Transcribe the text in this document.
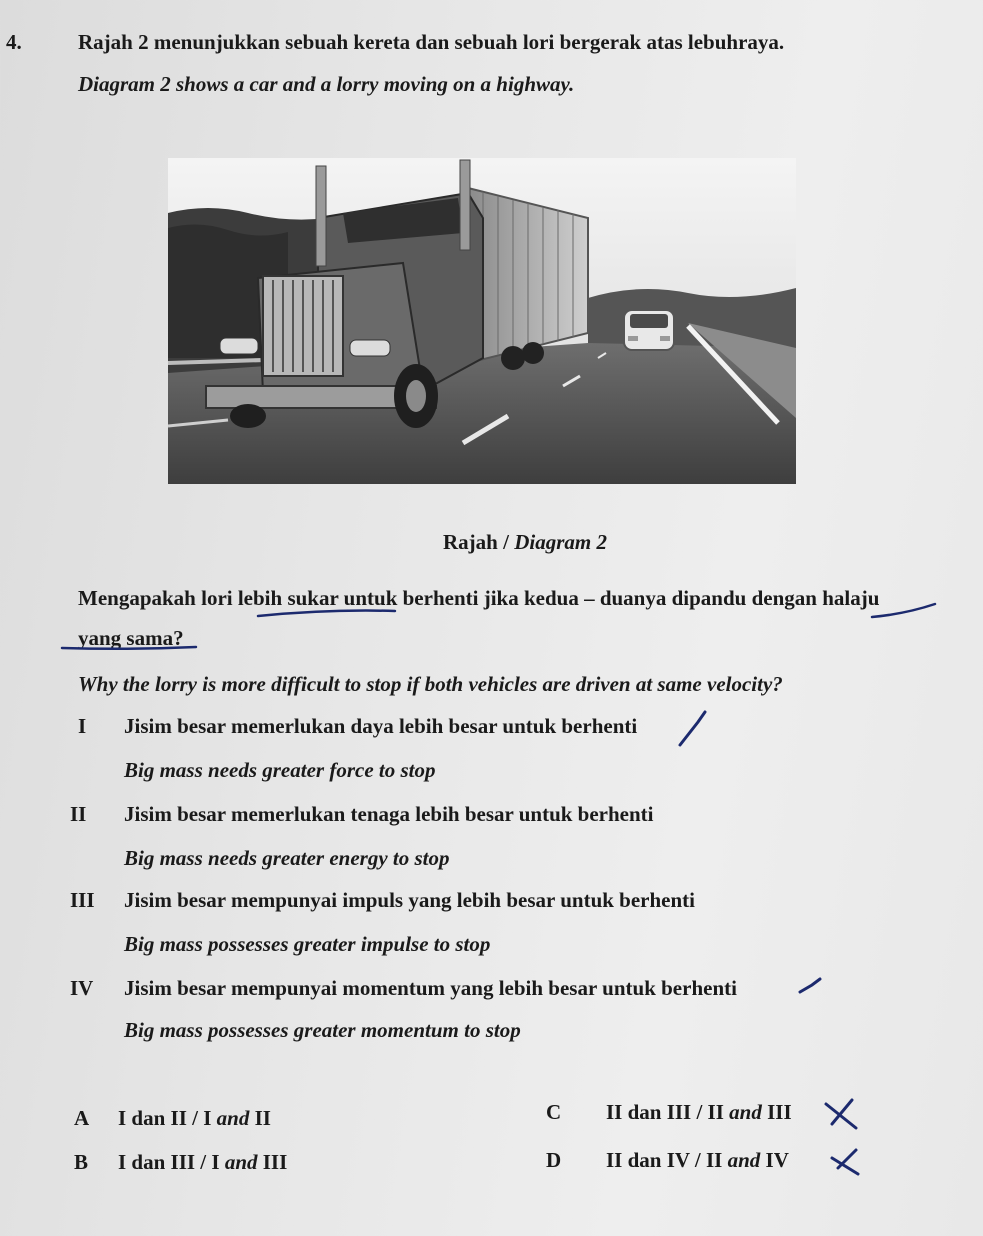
4.	Rajah 2 menunjukkan sebuah kereta dan sebuah lori bergerak atas lebuhraya.
Diagram 2 shows a car and a lorry moving on a highway.
Rajah / Diagram 2
Mengapakah lori lebih sukar untuk berhenti jika kedua – duanya dipandu dengan halaju
yang sama?
Why the lorry is more difficult to stop if both vehicles are driven at same velocity?
I Jisim besar memerlukan daya lebih besar untuk berhenti
Big mass needs greater force to stop
II Jisim besar memerlukan tenaga lebih besar untuk berhenti
Big mass needs greater energy to stop
III Jisim besar mempunyai impuls yang lebih besar untuk berhenti
Big mass possesses greater impulse to stop
IV Jisim besar mempunyai momentum yang lebih besar untuk berhenti
Big mass possesses greater momentum to stop
A I dan II / I and II
B I dan III / I and III
C II dan III / II and III
D II dan IV / II and IV
